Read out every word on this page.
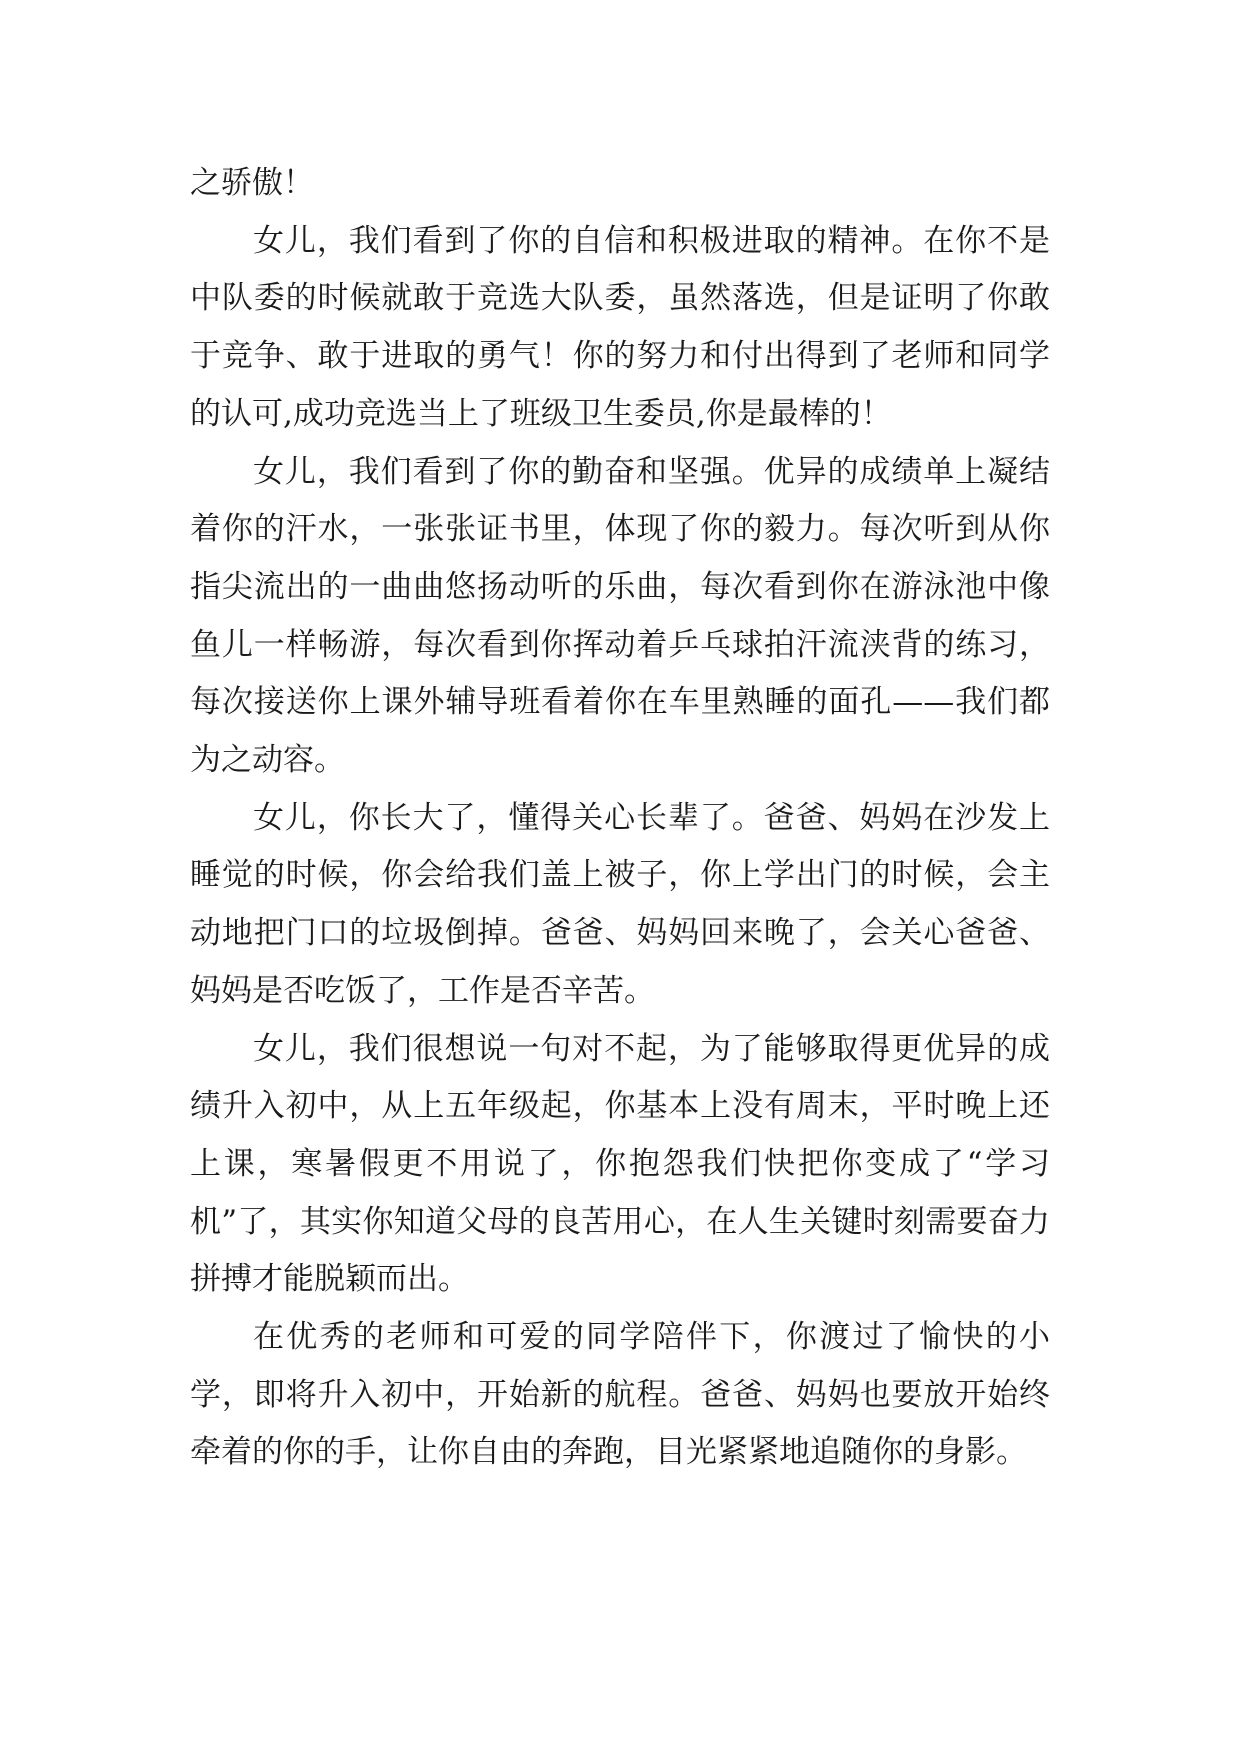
之骄傲！

女儿，我们看到了你的自信和积极进取的精神。在你不是中队委的时候就敢于竞选大队委，虽然落选，但是证明了你敢于竞争、敢于进取的勇气！你的努力和付出得到了老师和同学的认可,成功竞选当上了班级卫生委员,你是最棒的！

女儿，我们看到了你的勤奋和坚强。优异的成绩单上凝结着你的汗水，一张张证书里，体现了你的毅力。每次听到从你指尖流出的一曲曲悠扬动听的乐曲，每次看到你在游泳池中像鱼儿一样畅游，每次看到你挥动着乒乓球拍汗流浃背的练习，每次接送你上课外辅导班看着你在车里熟睡的面孔——我们都为之动容。

女儿，你长大了，懂得关心长辈了。爸爸、妈妈在沙发上睡觉的时候，你会给我们盖上被子，你上学出门的时候，会主动地把门口的垃圾倒掉。爸爸、妈妈回来晚了，会关心爸爸、妈妈是否吃饭了，工作是否辛苦。

女儿，我们很想说一句对不起，为了能够取得更优异的成绩升入初中，从上五年级起，你基本上没有周末，平时晚上还上课，寒暑假更不用说了，你抱怨我们快把你变成了“学习机”了，其实你知道父母的良苦用心，在人生关键时刻需要奋力拼搏才能脱颖而出。

在优秀的老师和可爱的同学陪伴下，你渡过了愉快的小学，即将升入初中，开始新的航程。爸爸、妈妈也要放开始终牵着的你的手，让你自由的奔跑，目光紧紧地追随你的身影。
